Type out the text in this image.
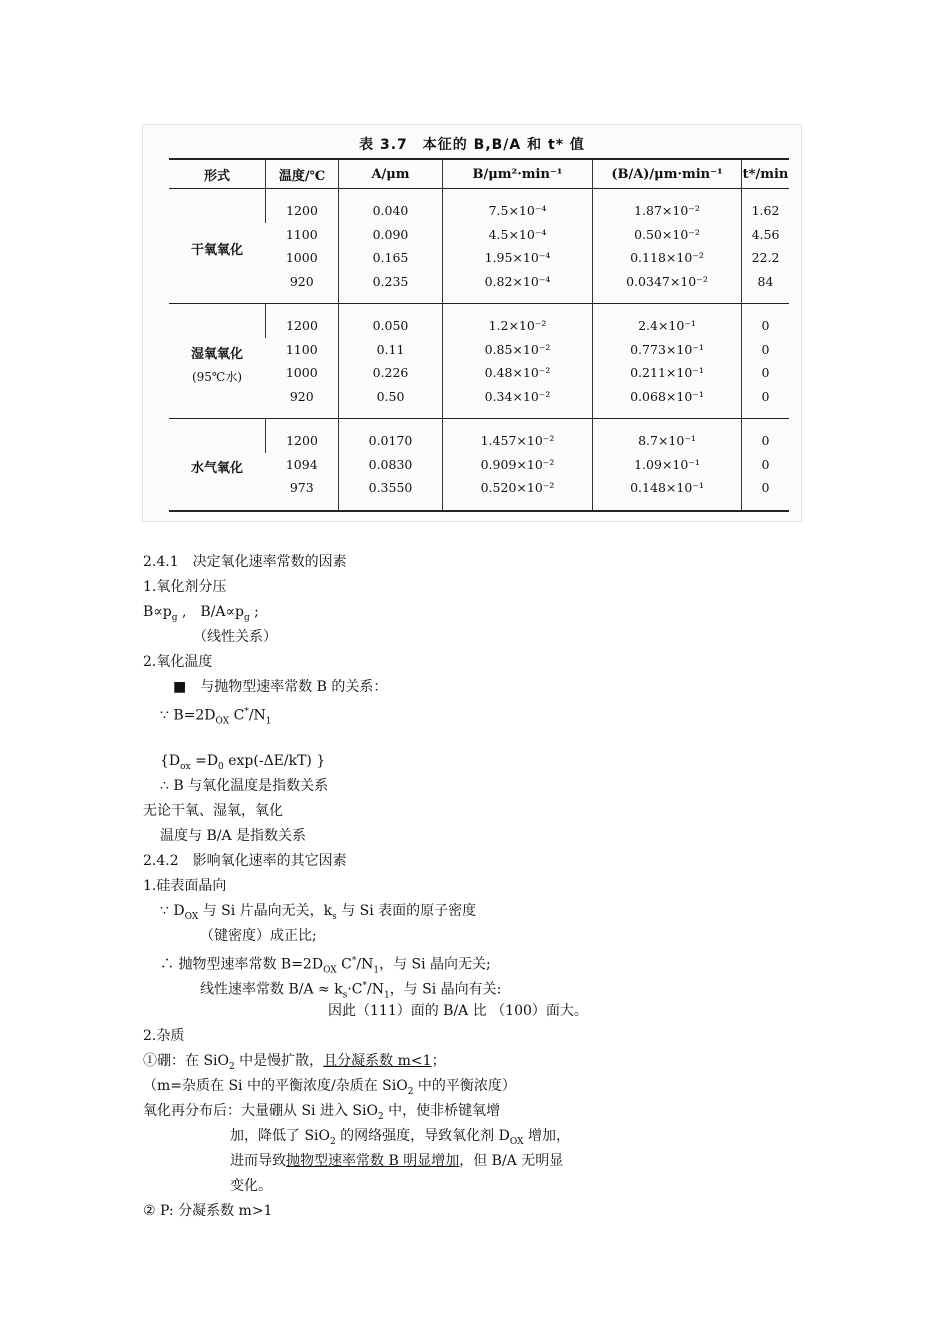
表 3.7　本征的 B,B/A 和 t* 值
形式	温度/℃	A/μm	B/μm²·min⁻¹	(B/A)/μm·min⁻¹	t*/min
干氧氧化	1200	0.040	7.5×10⁻⁴	1.87×10⁻²	1.62
	1100	0.090	4.5×10⁻⁴	0.50×10⁻²	4.56
	1000	0.165	1.95×10⁻⁴	0.118×10⁻²	22.2
	920	0.235	0.82×10⁻⁴	0.0347×10⁻²	84
湿氧氧化
(95℃水)	1200	0.050	1.2×10⁻²	2.4×10⁻¹	0
	1100	0.11	0.85×10⁻²	0.773×10⁻¹	0
	1000	0.226	0.48×10⁻²	0.211×10⁻¹	0
	920	0.50	0.34×10⁻²	0.068×10⁻¹	0
水气氧化	1200	0.0170	1.457×10⁻²	8.7×10⁻¹	0
	1094	0.0830	0.909×10⁻²	1.09×10⁻¹	0
	973	0.3550	0.520×10⁻²	0.148×10⁻¹	0
2.4.1　决定氧化速率常数的因素
1.氧化剂分压
$B\propto p_g$ ,　$B/A\propto p_g$ ;
（线性关系）
2.氧化温度
■　 与抛物型速率常数 B 的关系：
∵ $B=2D_{OX}$ $C^*/N_1$
{$D_{ox} =D_0$ exp(-ΔE/kT) }
∴ B 与氧化温度是指数关系
无论干氧、湿氧，氧化
温度与 B/A 是指数关系
2.4.2　影响氧化速率的其它因素
1.硅表面晶向
∵ $D_{OX}$ 与 Si 片晶向无关，$k_s$ 与 Si 表面的原子密度
（键密度）成正比;
∴ 抛物型速率常数 $B=2D_{OX}$ $C^*/N_1$，与 Si 晶向无关;
线性速率常数 $B/A \approx k_s\cdot C^*/N_1$，与 Si 晶向有关:
因此（111）面的 B/A 比 （100）面大。
2.杂质
①硼：在 SiO$_2$ 中是慢扩散，且分凝系数 m<1；
（m=杂质在 Si 中的平衡浓度/杂质在 SiO$_2$ 中的平衡浓度）
氧化再分布后：大量硼从 Si 进入 SiO$_2$ 中，使非桥键氧增
加，降低了 SiO$_2$ 的网络强度，导致氧化剂 $D_{OX}$ 增加，
进而导致抛物型速率常数 B 明显增加，但 B/A 无明显
变化。
② P: 分凝系数 m>1
